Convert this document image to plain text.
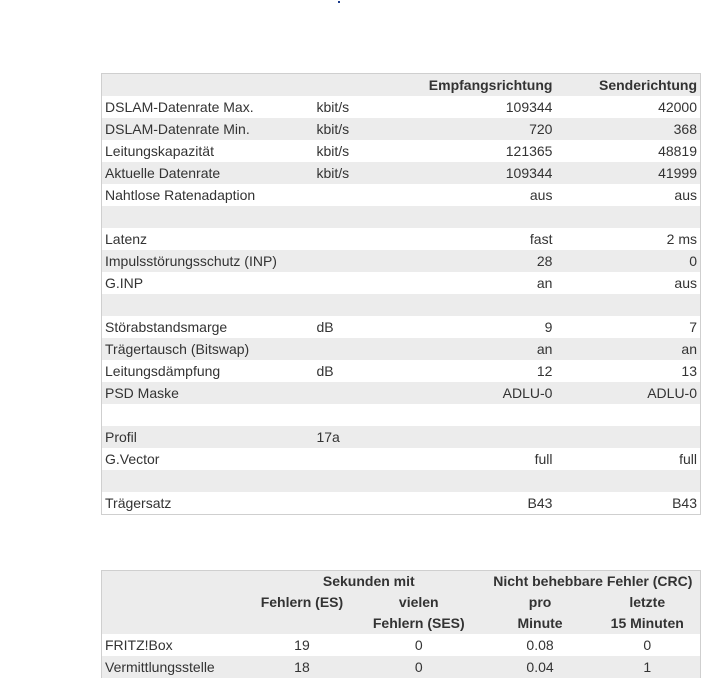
		Empfangsrichtung	Senderichtung
DSLAM-Datenrate Max.	kbit/s	109344	42000
DSLAM-Datenrate Min.	kbit/s	720	368
Leitungskapazität	kbit/s	121365	48819
Aktuelle Datenrate	kbit/s	109344	41999
Nahtlose Ratenadaption		aus	aus

Latenz		fast	2 ms
Impulsstörungsschutz (INP)		28	0
G.INP		an	aus

Störabstandsmarge	dB	9	7
Trägertausch (Bitswap)		an	an
Leitungsdämpfung	dB	12	13
PSD Maske		ADLU-0	ADLU-0

Profil	17a		
G.Vector		full	full

Trägersatz		B43	B43
	Sekunden mit		Nicht behebbare Fehler (CRC)	
	Fehlern (ES)	vielen	pro	letzte
		Fehlern (SES)	Minute	15 Minuten
FRITZ!Box	19	0	0.08	0
Vermittlungsstelle	18	0	0.04	1
